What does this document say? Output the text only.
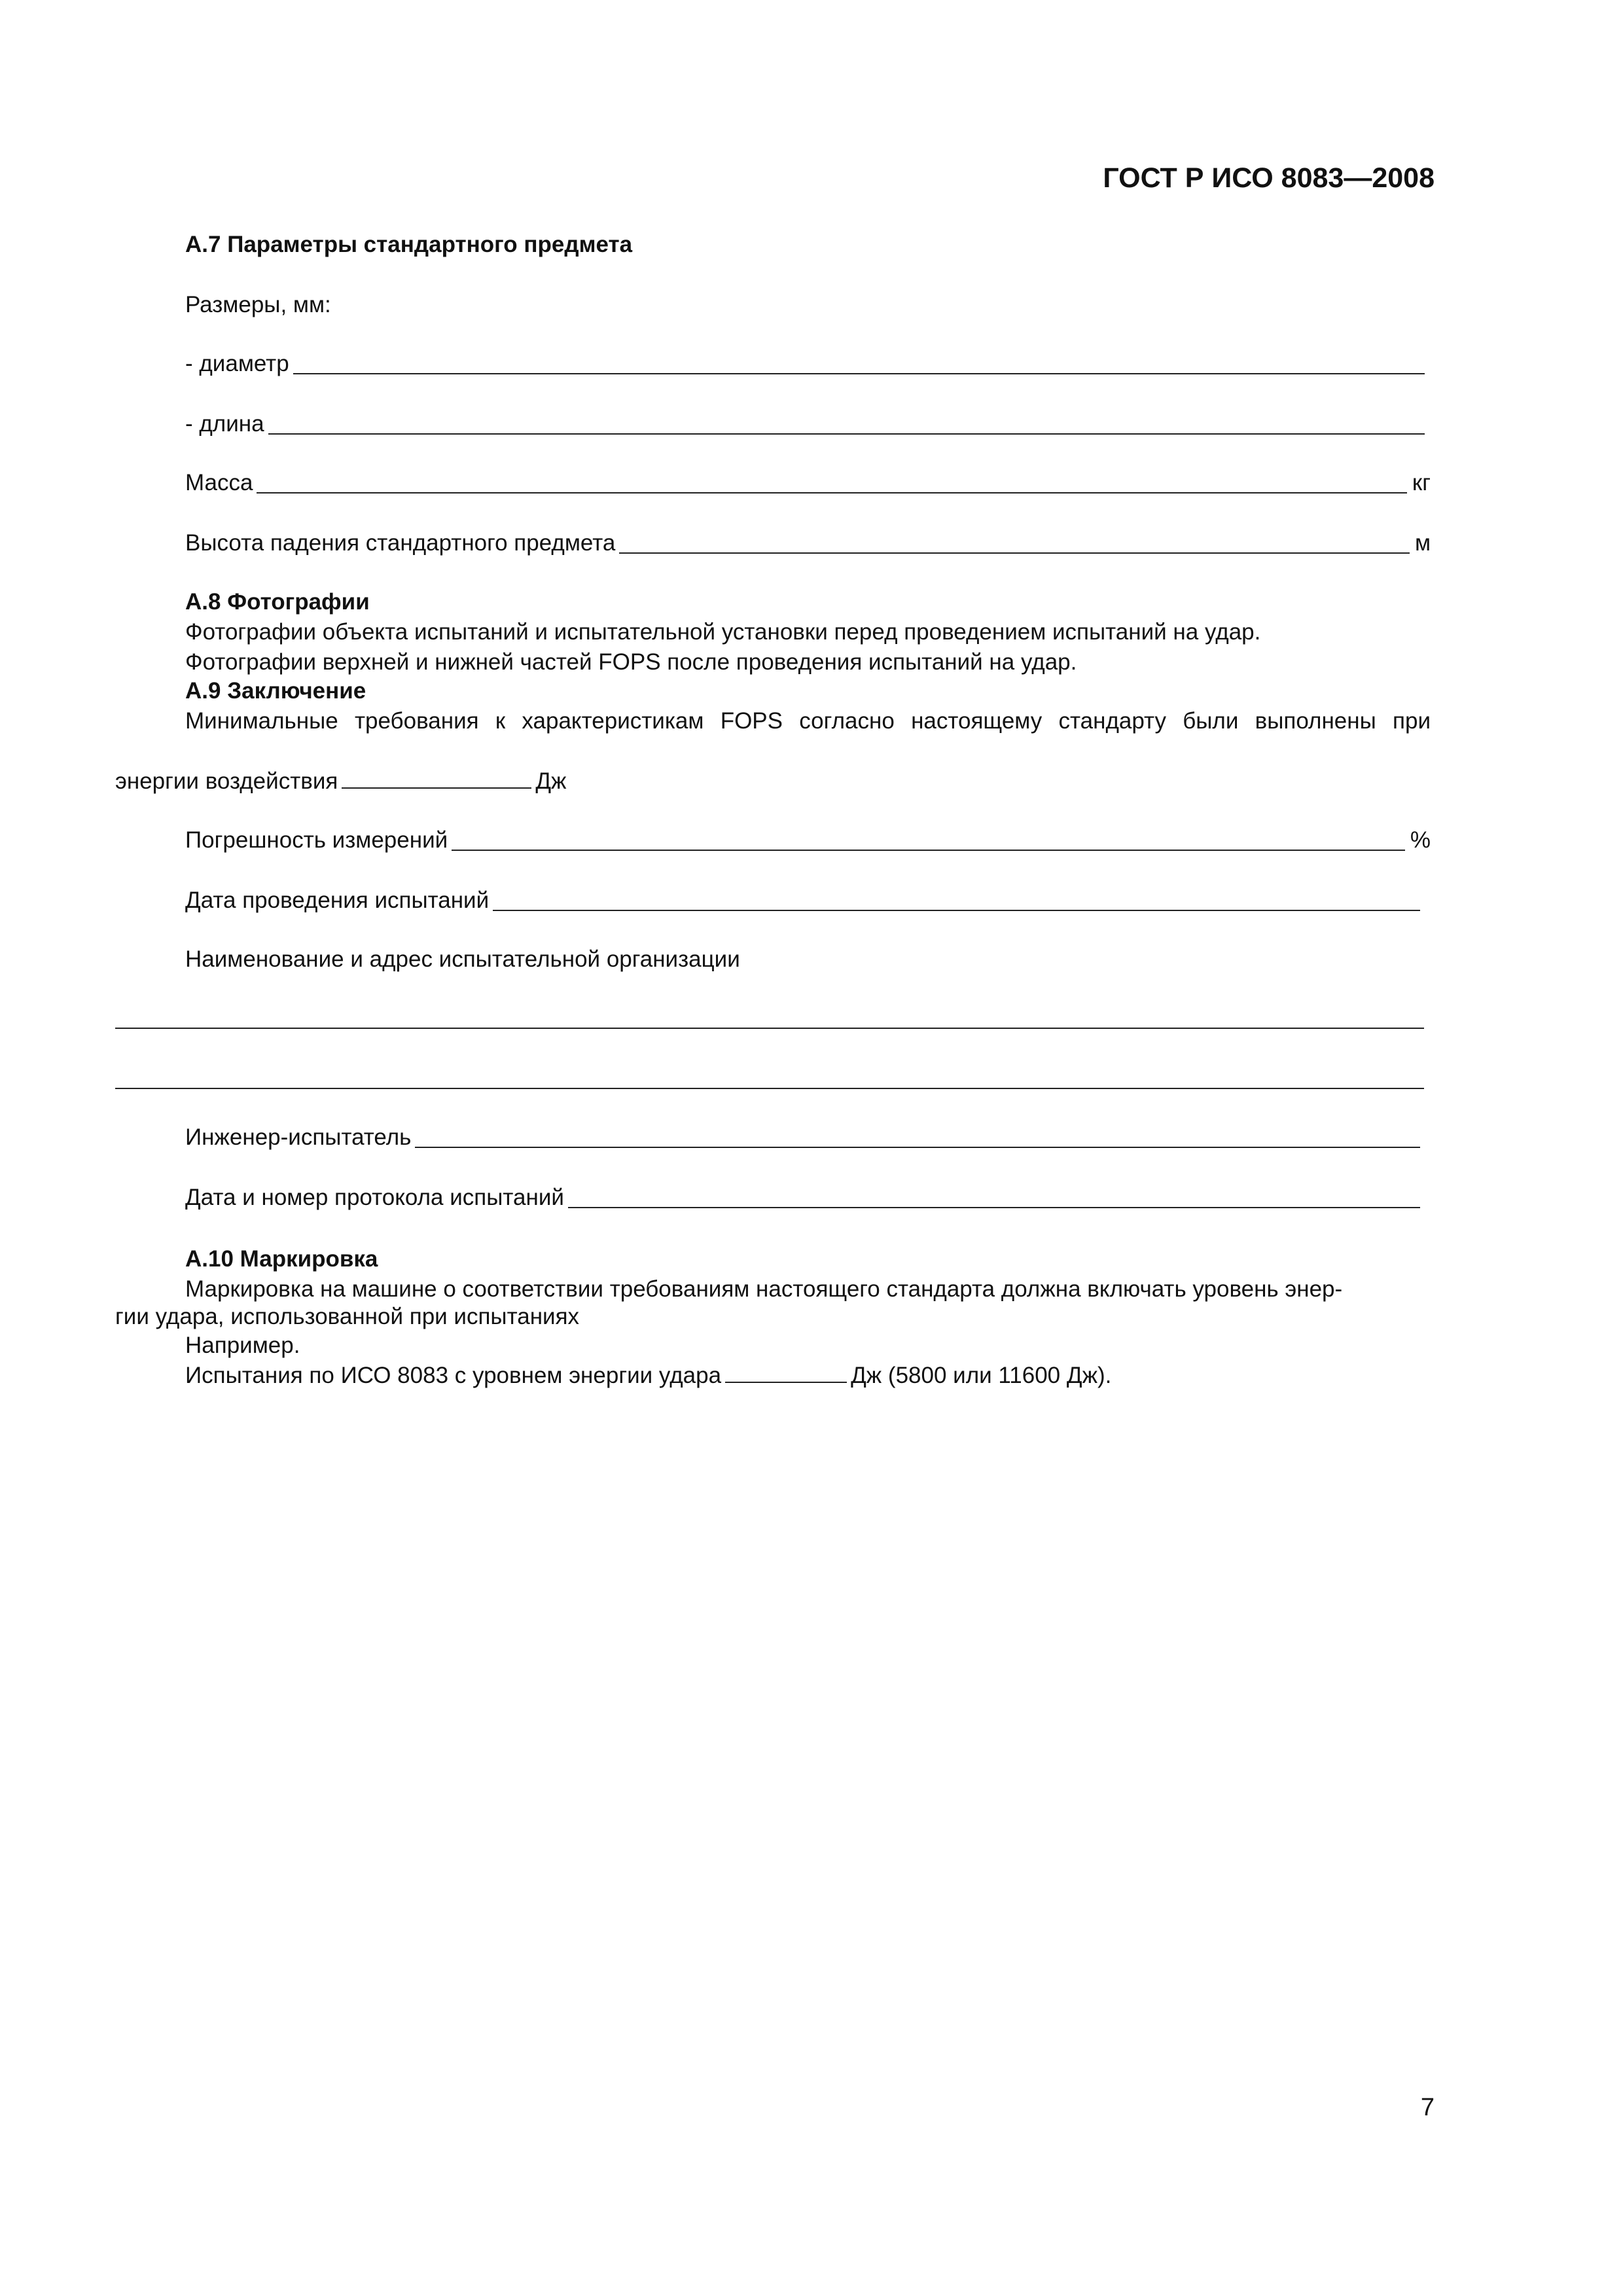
ГОСТ Р ИСО 8083—2008
А.7 Параметры стандартного предмета
Размеры, мм:
- диаметр
- длина
Масса	кг
Высота падения стандартного предмета	м
А.8 Фотографии
Фотографии объекта испытаний и испытательной установки перед проведением испытаний на удар.
Фотографии верхней и нижней частей FOPS после проведения испытаний на удар.
А.9 Заключение
Минимальные требования к характеристикам FOPS согласно настоящему стандарту были выполнены при
энергии воздействия	Дж
Погрешность измерений	%
Дата проведения испытаний
Наименование и адрес испытательной организации
Инженер-испытатель
Дата и номер протокола испытаний
А.10 Маркировка
Маркировка на машине о соответствии требованиям настоящего стандарта должна включать уровень энер-
гии удара, использованной при испытаниях
Например.
Испытания по ИСО 8083 с уровнем энергии удара	Дж (5800 или 11600 Дж).
7
